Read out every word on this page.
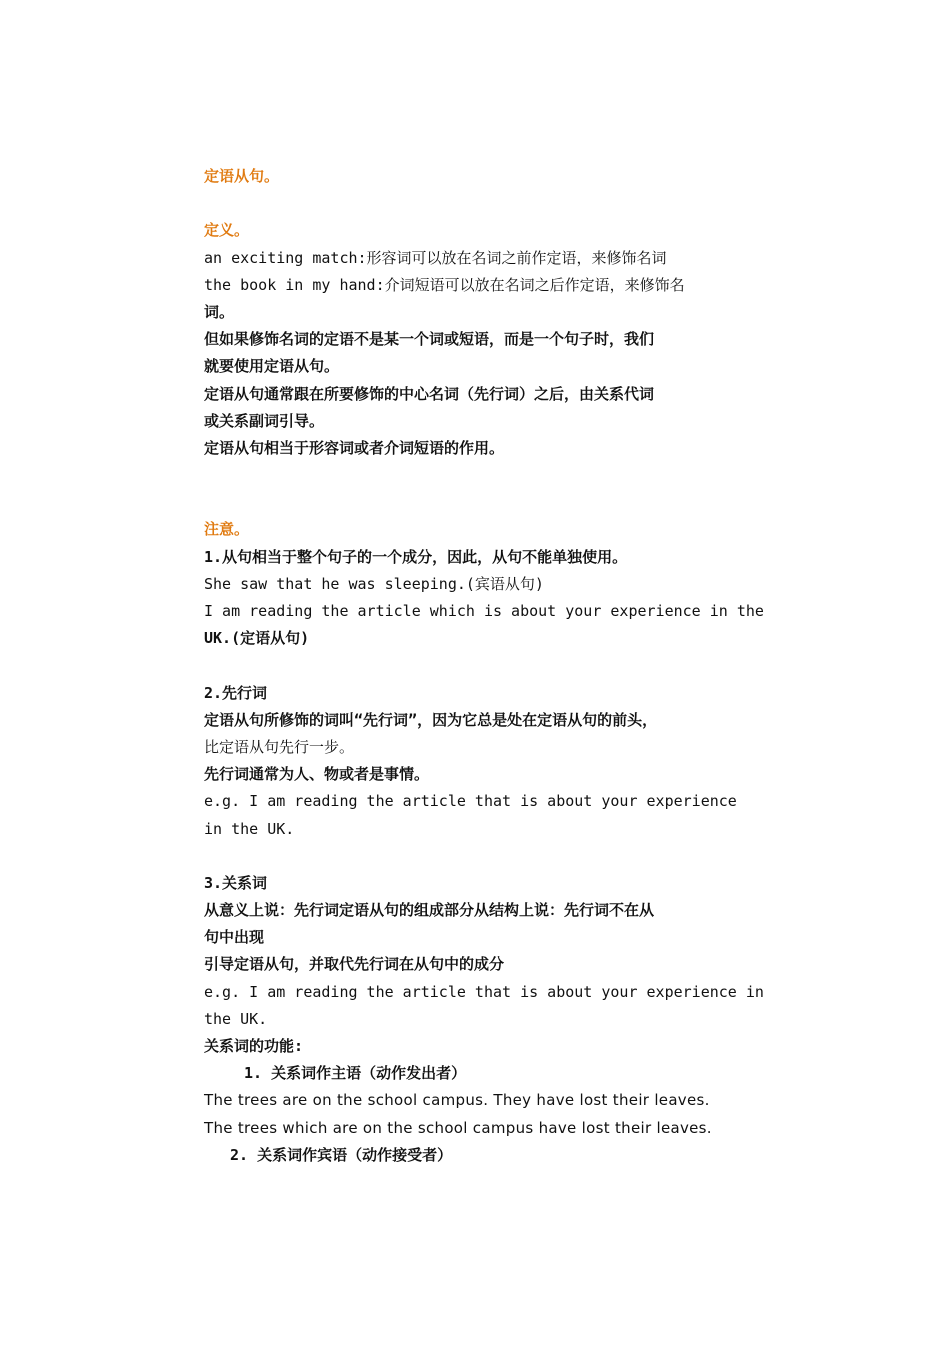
定语从句。
定义。
an exciting match:形容词可以放在名词之前作定语，来修饰名词
the book in my hand:介词短语可以放在名词之后作定语，来修饰名
词。
但如果修饰名词的定语不是某一个词或短语，而是一个句子时，我们
就要使用定语从句。
定语从句通常跟在所要修饰的中心名词（先行词）之后，由关系代词
或关系副词引导。
定语从句相当于形容词或者介词短语的作用。
注意。
1.从句相当于整个句子的一个成分，因此，从句不能单独使用。
She saw that he was sleeping.(宾语从句)
I am reading the article which is about your experience in the
UK.(定语从句)
2.先行词
定语从句所修饰的词叫“先行词”，因为它总是处在定语从句的前头，
比定语从句先行一步。
先行词通常为人、物或者是事情。
e.g. I am reading the article that is about your experience
in the UK.
3.关系词
从意义上说：先行词定语从句的组成部分从结构上说：先行词不在从
句中出现
引导定语从句，并取代先行词在从句中的成分
e.g. I am reading the article that is about your experience in
the UK.
关系词的功能:
1. 关系词作主语（动作发出者）
The trees are on the school campus. They have lost their leaves.
The trees which are on the school campus have lost their leaves.
2. 关系词作宾语（动作接受者）
